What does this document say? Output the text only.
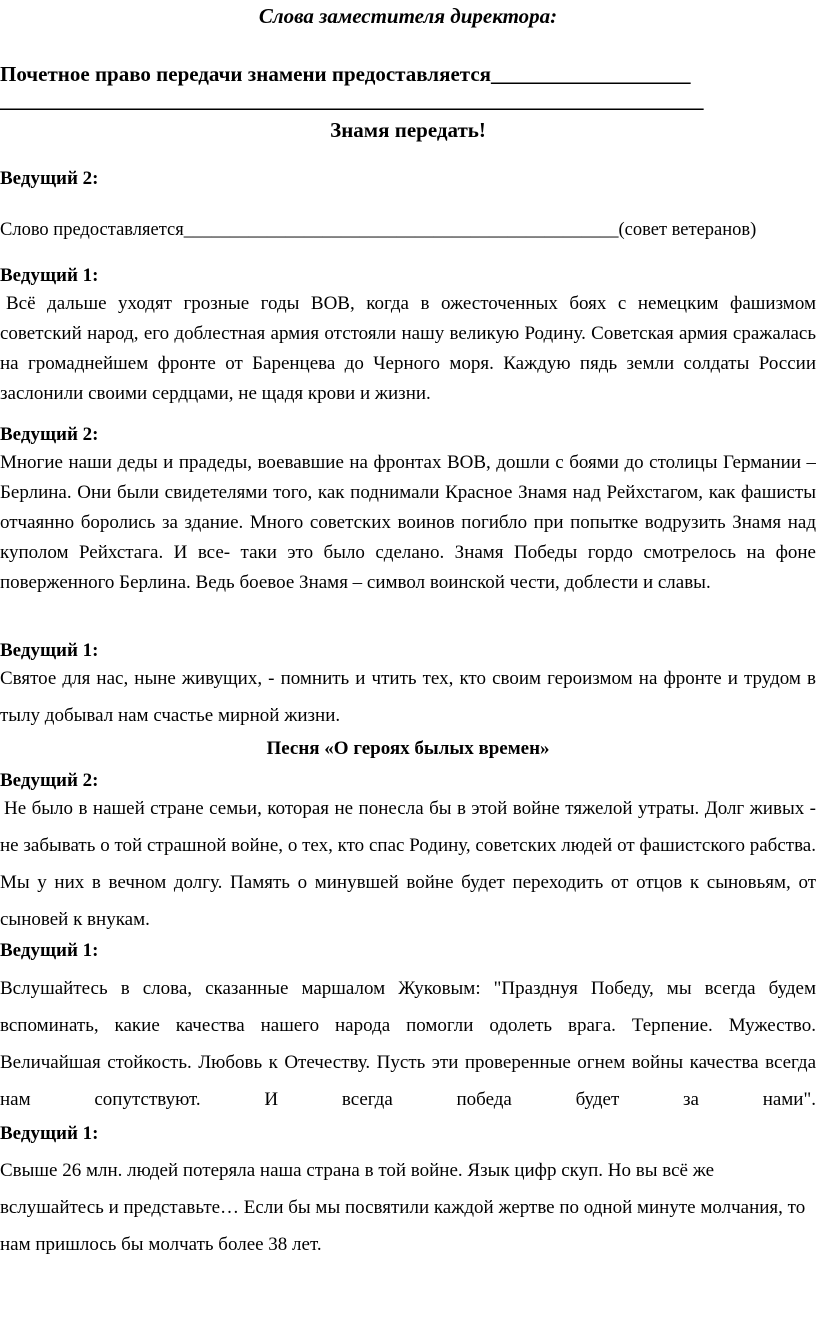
Слова заместителя директора:
Почетное право передачи знамени предоставляется___________________
___________________________________________________________________
Знамя передать!
Ведущий 2:
Слово предоставляется_______________________________________________(совет ветеранов)
Ведущий 1:
Всё дальше уходят грозные годы ВОВ, когда в ожесточенных боях с немецким фашизмом советский народ, его доблестная армия отстояли нашу великую Родину. Советская армия сражалась на громаднейшем фронте от Баренцева до Черного моря. Каждую пядь земли солдаты России заслонили своими сердцами, не щадя крови и жизни.
Ведущий 2:
Многие наши деды и прадеды, воевавшие на фронтах ВОВ, дошли с боями до столицы Германии – Берлина. Они были свидетелями того, как поднимали Красное Знамя над Рейхстагом, как фашисты отчаянно боролись за здание. Много советских воинов погибло при попытке водрузить Знамя над куполом Рейхстага. И все- таки это было сделано. Знамя Победы гордо смотрелось на фоне поверженного Берлина. Ведь боевое Знамя – символ воинской чести, доблести и славы.
Ведущий 1:
Святое для нас, ныне живущих, - помнить и чтить тех, кто своим героизмом на фронте и трудом в тылу добывал нам счастье мирной жизни.
Песня «О героях былых времен»
Ведущий 2:
Не было в нашей стране семьи, которая не понесла бы в этой войне тяжелой утраты. Долг живых - не забывать о той страшной войне, о тех, кто спас Родину, советских людей от фашистского рабства. Мы у них в вечном долгу. Память о минувшей войне будет переходить от отцов к сыновьям, от сыновей к внукам.
Ведущий 1:
Вслушайтесь в слова, сказанные маршалом Жуковым: "Празднуя Победу, мы всегда будем вспоминать, какие качества нашего народа помогли одолеть врага. Терпение. Мужество. Величайшая стойкость. Любовь к Отечеству. Пусть эти проверенные огнем войны качества всегда нам сопутствуют. И всегда победа будет за нами".
Ведущий 1:
Свыше 26 млн. людей потеряла наша страна в той войне. Язык цифр скуп. Но вы всё же вслушайтесь и представьте… Если бы мы посвятили каждой жертве по одной минуте молчания, то нам пришлось бы молчать более 38 лет.
